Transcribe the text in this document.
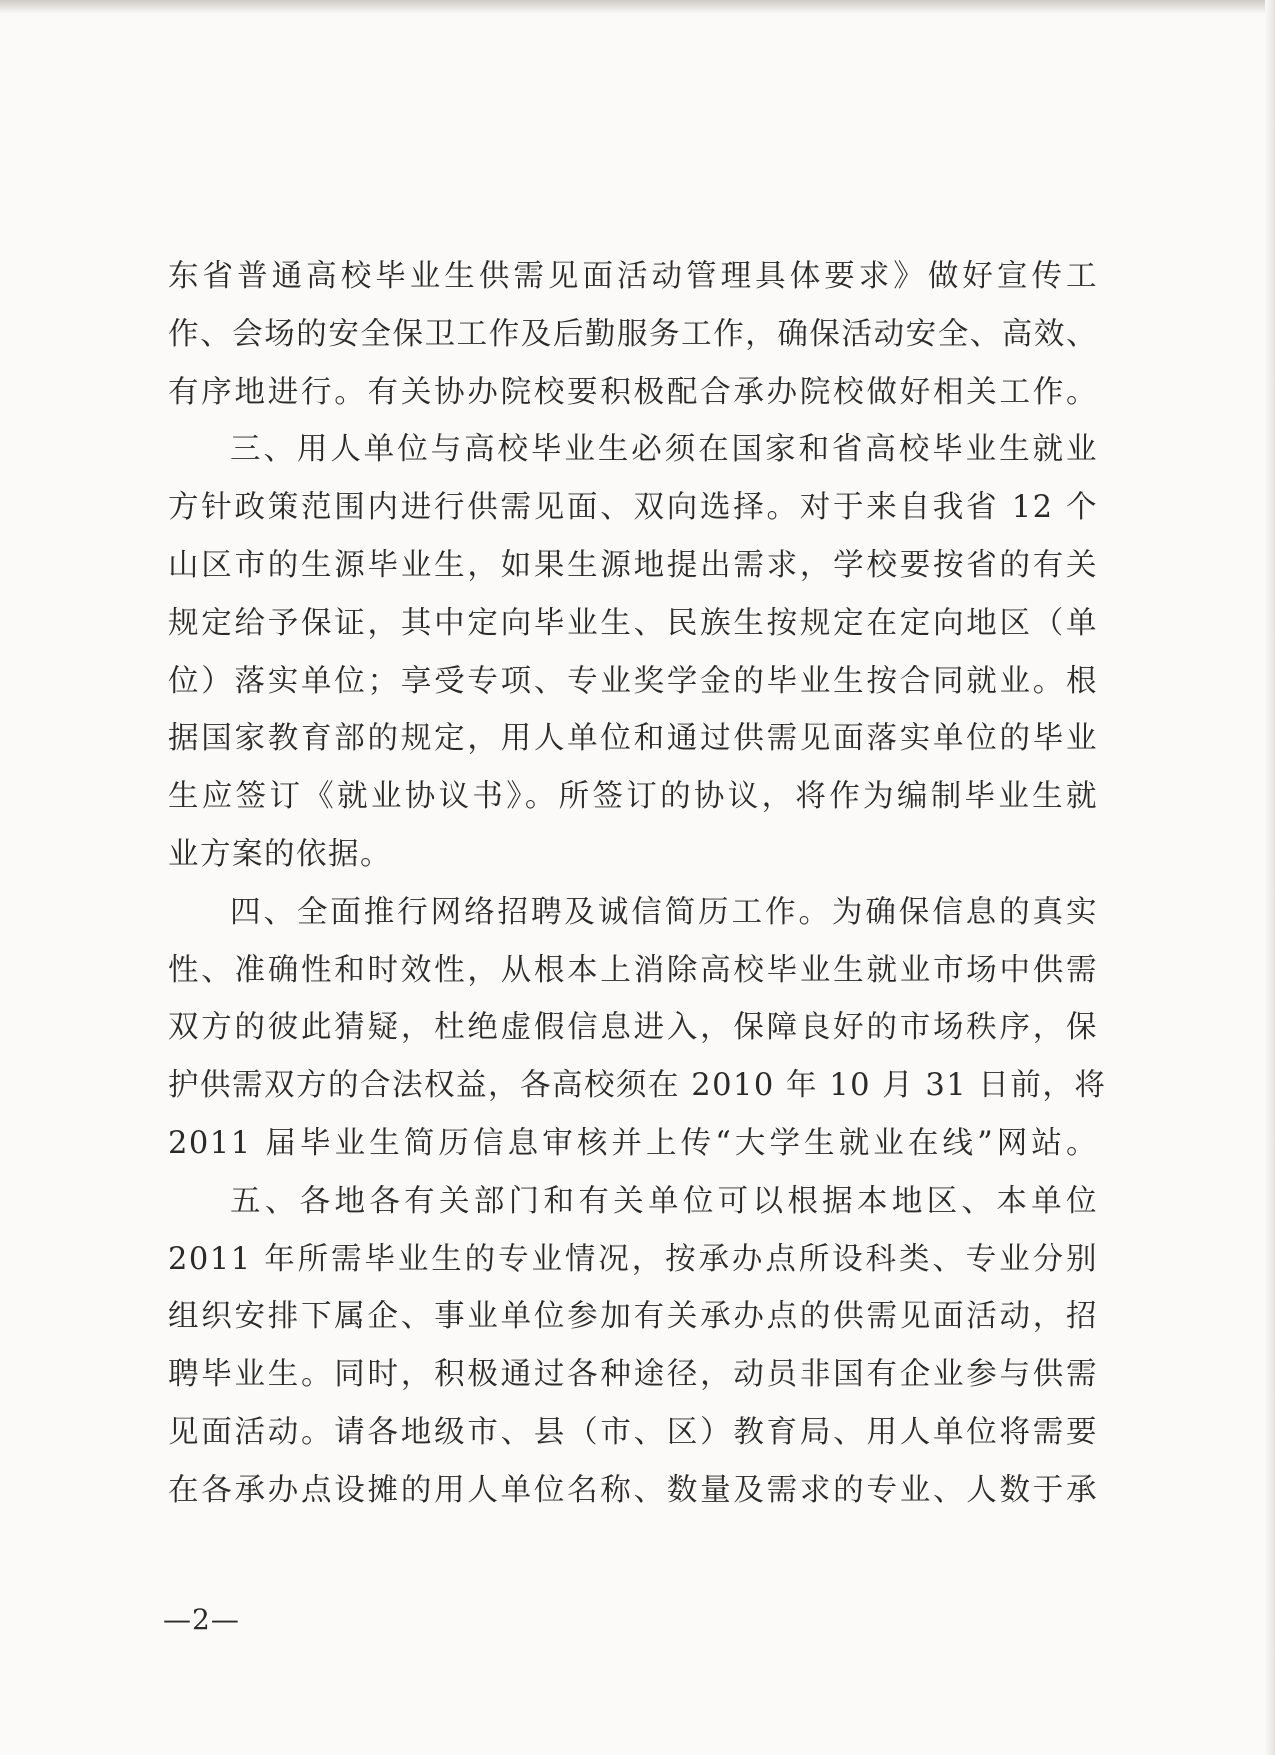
东省普通高校毕业生供需见面活动管理具体要求》做好宣传工
作、会场的安全保卫工作及后勤服务工作，确保活动安全、高效、
有序地进行。有关协办院校要积极配合承办院校做好相关工作。
三、用人单位与高校毕业生必须在国家和省高校毕业生就业
方针政策范围内进行供需见面、双向选择。对于来自我省 12 个
山区市的生源毕业生，如果生源地提出需求，学校要按省的有关
规定给予保证，其中定向毕业生、民族生按规定在定向地区（单
位）落实单位；享受专项、专业奖学金的毕业生按合同就业。根
据国家教育部的规定，用人单位和通过供需见面落实单位的毕业
生应签订《就业协议书》。所签订的协议，将作为编制毕业生就
业方案的依据。
四、全面推行网络招聘及诚信简历工作。为确保信息的真实
性、准确性和时效性，从根本上消除高校毕业生就业市场中供需
双方的彼此猜疑，杜绝虚假信息进入，保障良好的市场秩序，保
护供需双方的合法权益，各高校须在 2010 年 10 月 31 日前，将
2011 届毕业生简历信息审核并上传“大学生就业在线”网站。
五、各地各有关部门和有关单位可以根据本地区、本单位
2011 年所需毕业生的专业情况，按承办点所设科类、专业分别
组织安排下属企、事业单位参加有关承办点的供需见面活动，招
聘毕业生。同时，积极通过各种途径，动员非国有企业参与供需
见面活动。请各地级市、县（市、区）教育局、用人单位将需要
在各承办点设摊的用人单位名称、数量及需求的专业、人数于承
—2—
